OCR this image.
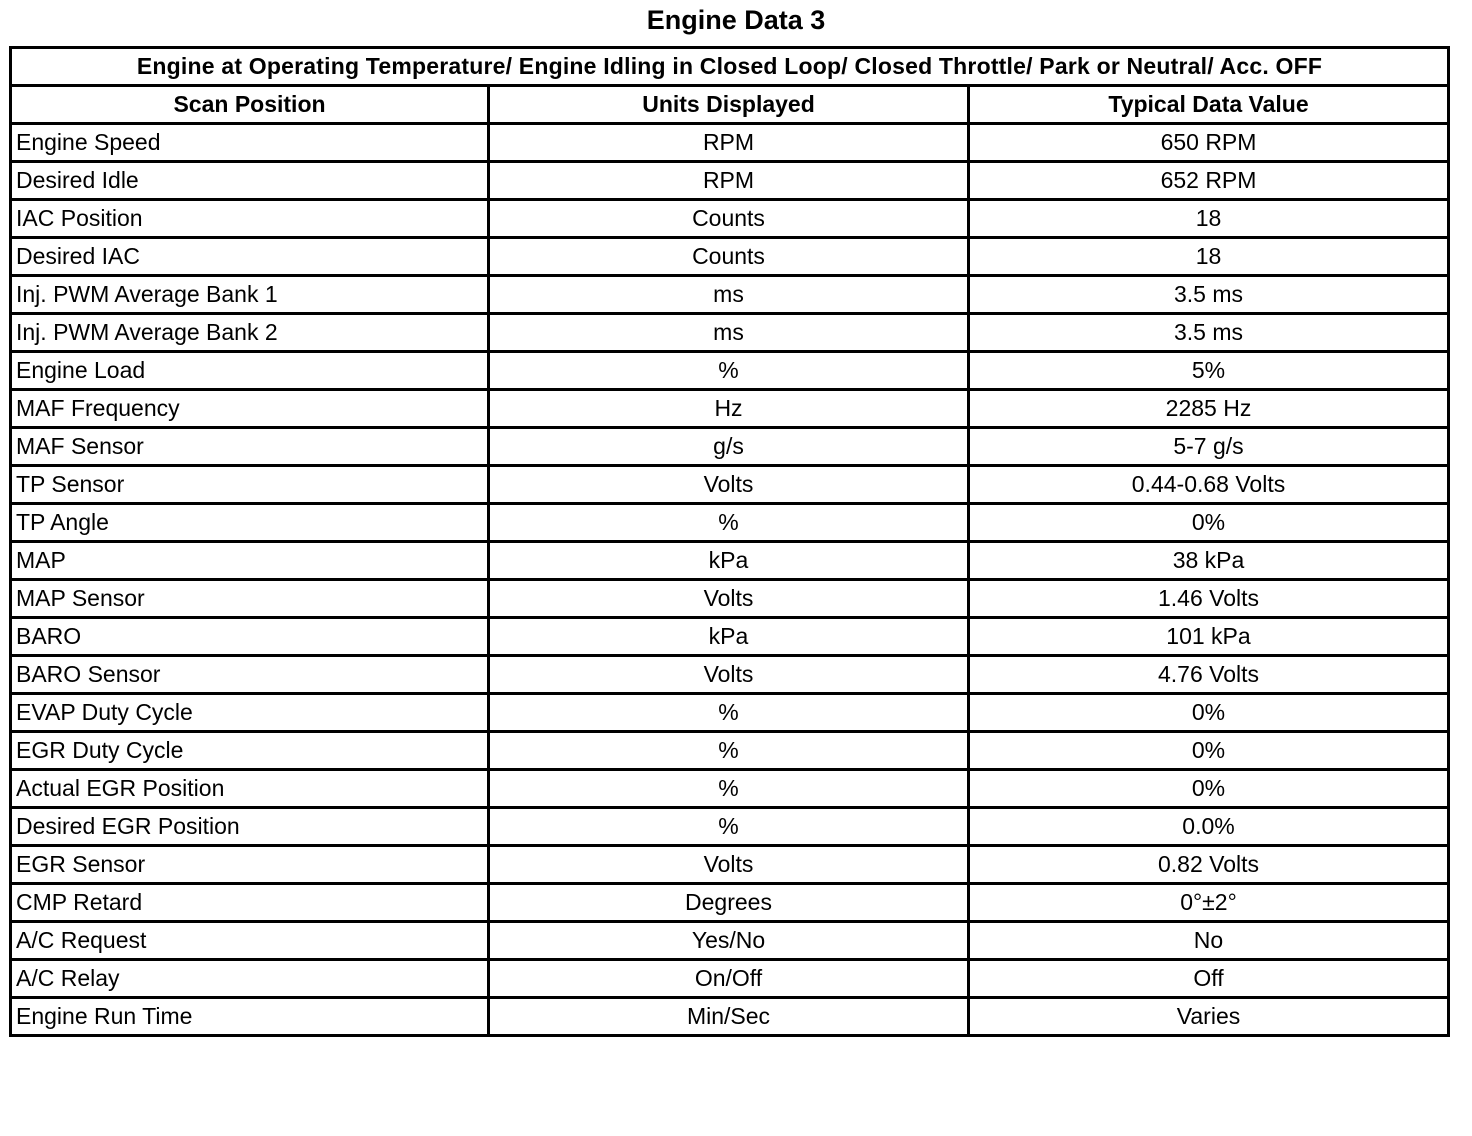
Engine Data 3
Engine at Operating Temperature/ Engine Idling in Closed Loop/ Closed Throttle/ Park or Neutral/ Acc. OFF		
Scan Position	Units Displayed	Typical Data Value
Engine Speed	RPM	650 RPM
Desired Idle	RPM	652 RPM
IAC Position	Counts	18
Desired IAC	Counts	18
Inj. PWM Average Bank 1	ms	3.5 ms
Inj. PWM Average Bank 2	ms	3.5 ms
Engine Load	%	5%
MAF Frequency	Hz	2285 Hz
MAF Sensor	g/s	5-7 g/s
TP Sensor	Volts	0.44-0.68 Volts
TP Angle	%	0%
MAP	kPa	38 kPa
MAP Sensor	Volts	1.46 Volts
BARO	kPa	101 kPa
BARO Sensor	Volts	4.76 Volts
EVAP Duty Cycle	%	0%
EGR Duty Cycle	%	0%
Actual EGR Position	%	0%
Desired EGR Position	%	0.0%
EGR Sensor	Volts	0.82 Volts
CMP Retard	Degrees	0°±2°
A/C Request	Yes/No	No
A/C Relay	On/Off	Off
Engine Run Time	Min/Sec	Varies
